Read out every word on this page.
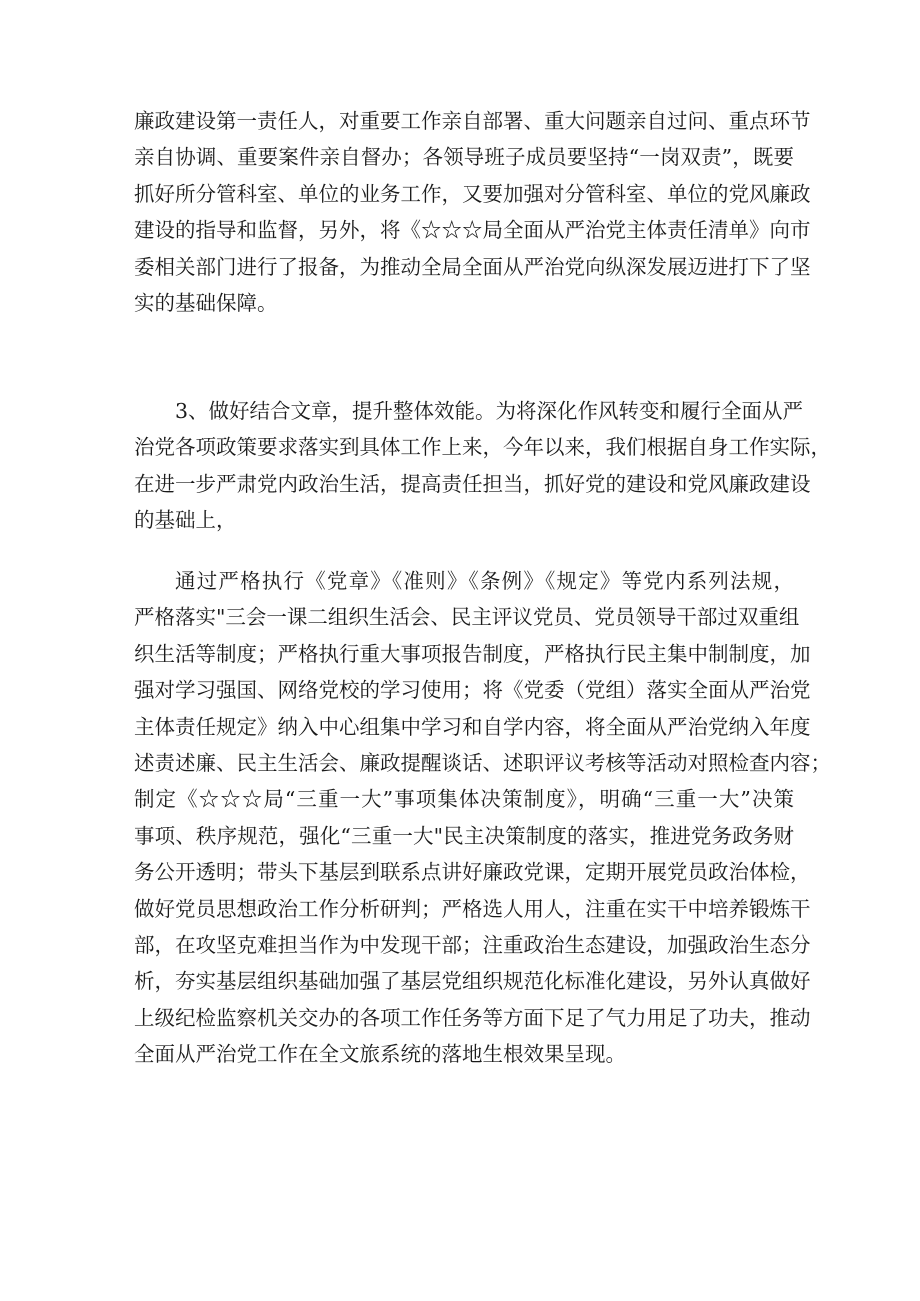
廉政建设第一责任人，对重要工作亲自部署、重大问题亲自过问、重点环节
亲自协调、重要案件亲自督办；各领导班子成员要坚持“一岗双责”，既要
抓好所分管科室、单位的业务工作，又要加强对分管科室、单位的党风廉政
建设的指导和监督，另外，将《☆☆☆局全面从严治党主体责任清单》向市
委相关部门进行了报备，为推动全局全面从严治党向纵深发展迈进打下了坚
实的基础保障。

3、做好结合文章，提升整体效能。为将深化作风转变和履行全面从严
治党各项政策要求落实到具体工作上来，今年以来，我们根据自身工作实际，
在进一步严肃党内政治生活，提高责任担当，抓好党的建设和党风廉政建设
的基础上，

通过严格执行《党章》《准则》《条例》《规定》等党内系列法规，
严格落实"三会一课二组织生活会、民主评议党员、党员领导干部过双重组
织生活等制度；严格执行重大事项报告制度，严格执行民主集中制制度，加
强对学习强国、网络党校的学习使用；将《党委（党组）落实全面从严治党
主体责任规定》纳入中心组集中学习和自学内容，将全面从严治党纳入年度
述责述廉、民主生活会、廉政提醒谈话、述职评议考核等活动对照检查内容；
制定《☆☆☆局“三重一大”事项集体决策制度》，明确“三重一大”决策
事项、秩序规范，强化“三重一大"民主决策制度的落实，推进党务政务财
务公开透明；带头下基层到联系点讲好廉政党课，定期开展党员政治体检，
做好党员思想政治工作分析研判；严格选人用人，注重在实干中培养锻炼干
部，在攻坚克难担当作为中发现干部；注重政治生态建设，加强政治生态分
析，夯实基层组织基础加强了基层党组织规范化标准化建设，另外认真做好
上级纪检监察机关交办的各项工作任务等方面下足了气力用足了功夫，推动
全面从严治党工作在全文旅系统的落地生根效果呈现。
